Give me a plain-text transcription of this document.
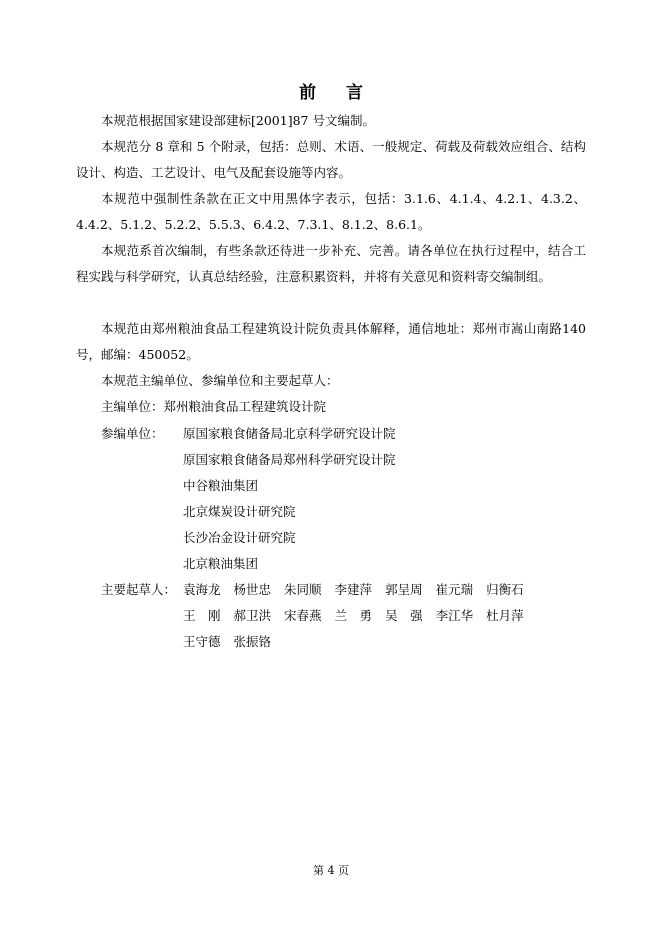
前 言

本规范根据国家建设部建标[2001]87 号文编制。

本规范分 8 章和 5 个附录，包括：总则、术语、一般规定、荷载及荷载效应组合、结构设计、构造、工艺设计、电气及配套设施等内容。

本规范中强制性条款在正文中用黑体字表示，包括：3.1.6、4.1.4、4.2.1、4.3.2、4.4.2、5.1.2、5.2.2、5.5.3、6.4.2、7.3.1、8.1.2、8.6.1。

本规范系首次编制，有些条款还待进一步补充、完善。请各单位在执行过程中，结合工程实践与科学研究，认真总结经验，注意积累资料，并将有关意见和资料寄交编制组。

本规范由郑州粮油食品工程建筑设计院负责具体解释，通信地址：郑州市嵩山南路140 号，邮编：450052。

本规范主编单位、参编单位和主要起草人：

主编单位：郑州粮油食品工程建筑设计院
参编单位： 原国家粮食储备局北京科学研究设计院
原国家粮食储备局郑州科学研究设计院
中谷粮油集团
北京煤炭设计研究院
长沙冶金设计研究院
北京粮油集团
主要起草人： 袁海龙 杨世忠 朱同顺 李建萍 郭呈周 崔元瑞 归衡石
王　刚 郝卫洪 宋春燕 兰　勇 吴　强 李江华 杜月萍
王守德 张振铬
第 4 页
